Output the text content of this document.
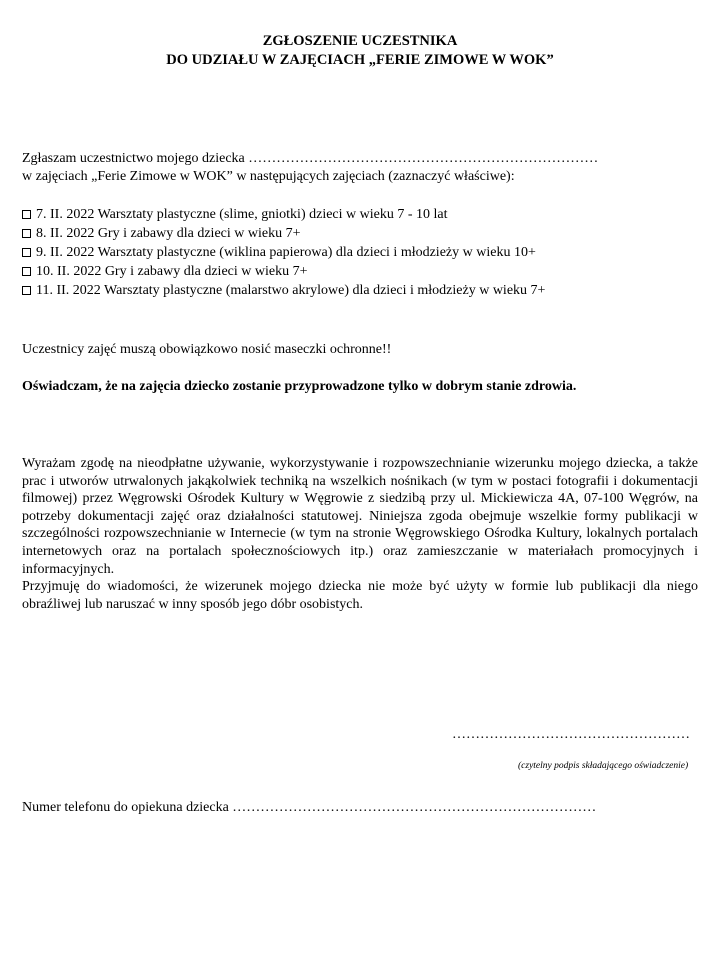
ZGŁOSZENIE UCZESTNIKA
DO UDZIAŁU W ZAJĘCIACH „FERIE ZIMOWE W WOK”
Zgłaszam uczestnictwo mojego dziecka …………………………………………………………………
w zajęciach „Ferie Zimowe w WOK” w następujących zajęciach (zaznaczyć właściwe):
7. II. 2022 Warsztaty plastyczne (slime, gniotki) dzieci w wieku 7 - 10 lat
8. II. 2022 Gry i zabawy dla dzieci w wieku 7+
9. II. 2022 Warsztaty plastyczne (wiklina papierowa) dla dzieci i młodzieży w wieku 10+
10. II. 2022 Gry i zabawy dla dzieci w wieku 7+
11. II. 2022 Warsztaty plastyczne (malarstwo akrylowe) dla dzieci i młodzieży w wieku 7+
Uczestnicy zajęć muszą obowiązkowo nosić maseczki ochronne!!
Oświadczam, że na zajęcia dziecko zostanie przyprowadzone tylko w dobrym stanie zdrowia.

Wyrażam zgodę na nieodpłatne używanie, wykorzystywanie i rozpowszechnianie wizerunku mojego dziecka, a także prac i utworów utrwalonych jakąkolwiek techniką na wszelkich nośnikach (w tym w postaci fotografii i dokumentacji filmowej) przez Węgrowski Ośrodek Kultury w Węgrowie z siedzibą przy ul. Mickiewicza 4A, 07-100 Węgrów, na potrzeby dokumentacji zajęć oraz działalności statutowej. Niniejsza zgoda obejmuje wszelkie formy publikacji w szczególności rozpowszechnianie w Internecie (w tym na stronie Węgrowskiego Ośrodka Kultury, lokalnych portalach internetowych oraz na portalach społecznościowych itp.) oraz zamieszczanie w materiałach promocyjnych i informacyjnych.

Przyjmuję do wiadomości, że wizerunek mojego dziecka nie może być użyty w formie lub publikacji dla niego obraźliwej lub naruszać w inny sposób jego dóbr osobistych.

……………………………………………
(czytelny podpis składającego oświadczenie)
Numer telefonu do opiekuna dziecka ……………………………………………………………………
